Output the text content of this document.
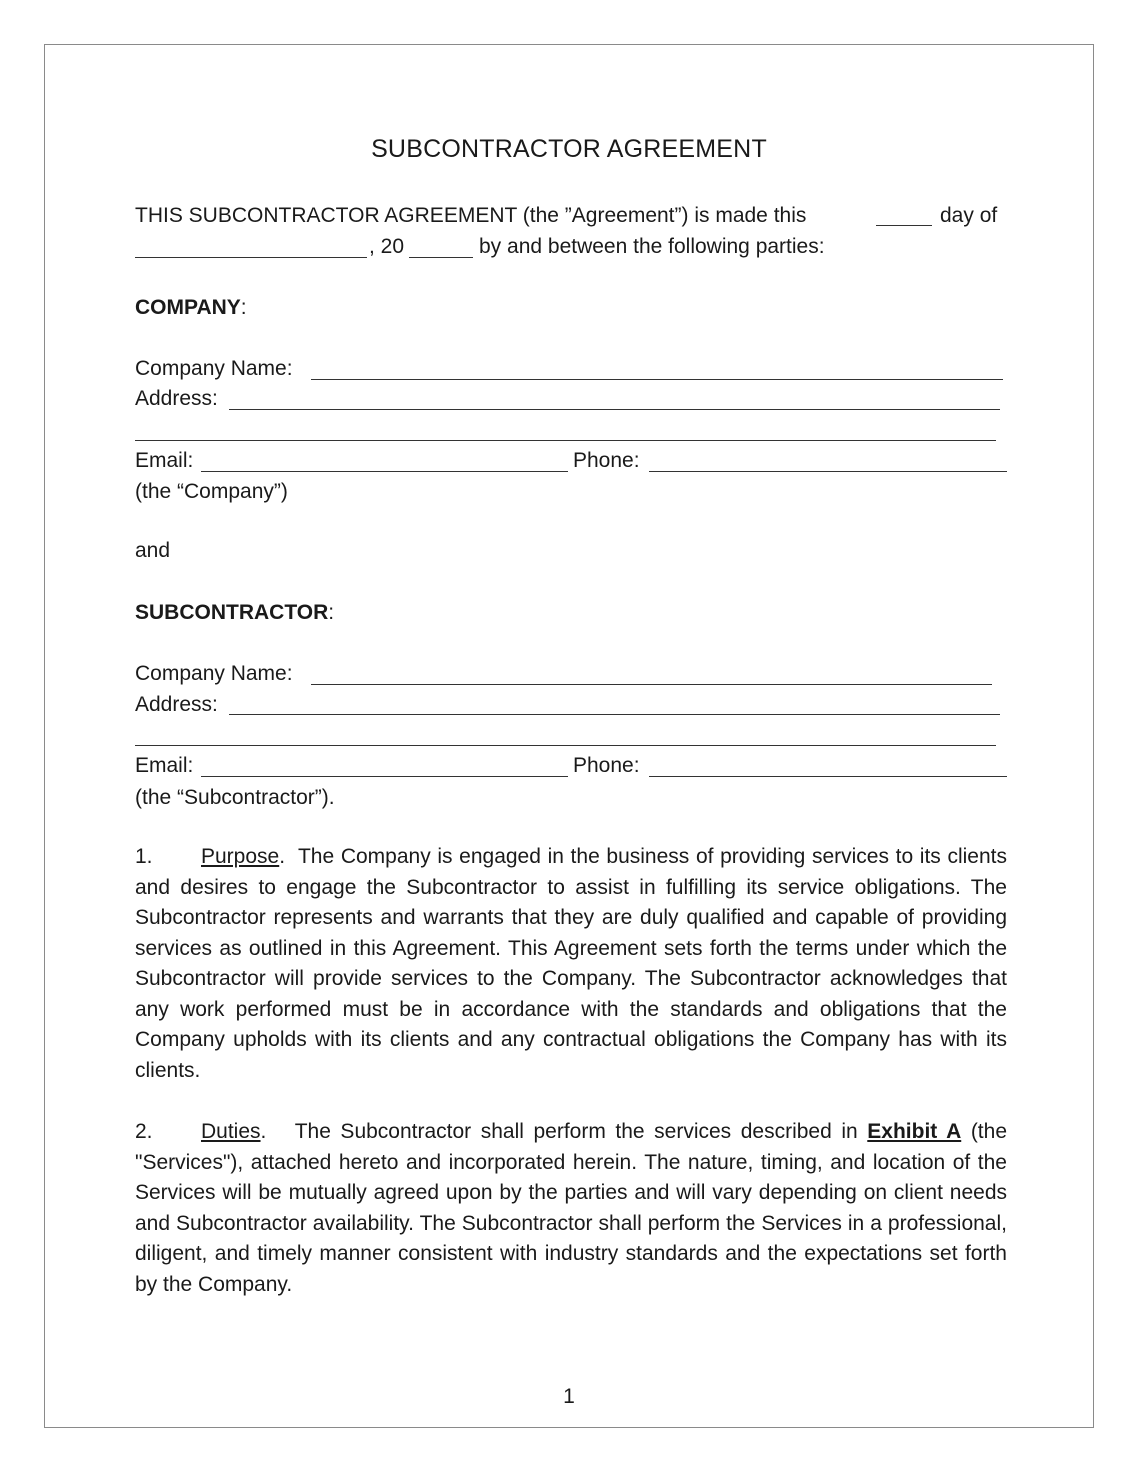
SUBCONTRACTOR AGREEMENT
THIS SUBCONTRACTOR AGREEMENT (the ”Agreement”) is made this	day of
, 20	by and between the following parties:
COMPANY:
Company Name:
Address:
Email:	Phone:
(the “Company”)
and
SUBCONTRACTOR:
Company Name:
Address:
Email:	Phone:
(the “Subcontractor”).
1. Purpose. The Company is engaged in the business of providing services to its clients and desires to engage the Subcontractor to assist in fulfilling its service obligations. The Subcontractor represents and warrants that they are duly qualified and capable of providing services as outlined in this Agreement. This Agreement sets forth the terms under which the Subcontractor will provide services to the Company. The Subcontractor acknowledges that any work performed must be in accordance with the standards and obligations that the Company upholds with its clients and any contractual obligations the Company has with its clients.
2. Duties. The Subcontractor shall perform the services described in Exhibit A (the "Services"), attached hereto and incorporated herein. The nature, timing, and location of the Services will be mutually agreed upon by the parties and will vary depending on client needs and Subcontractor availability. The Subcontractor shall perform the Services in a professional, diligent, and timely manner consistent with industry standards and the expectations set forth by the Company.
1
